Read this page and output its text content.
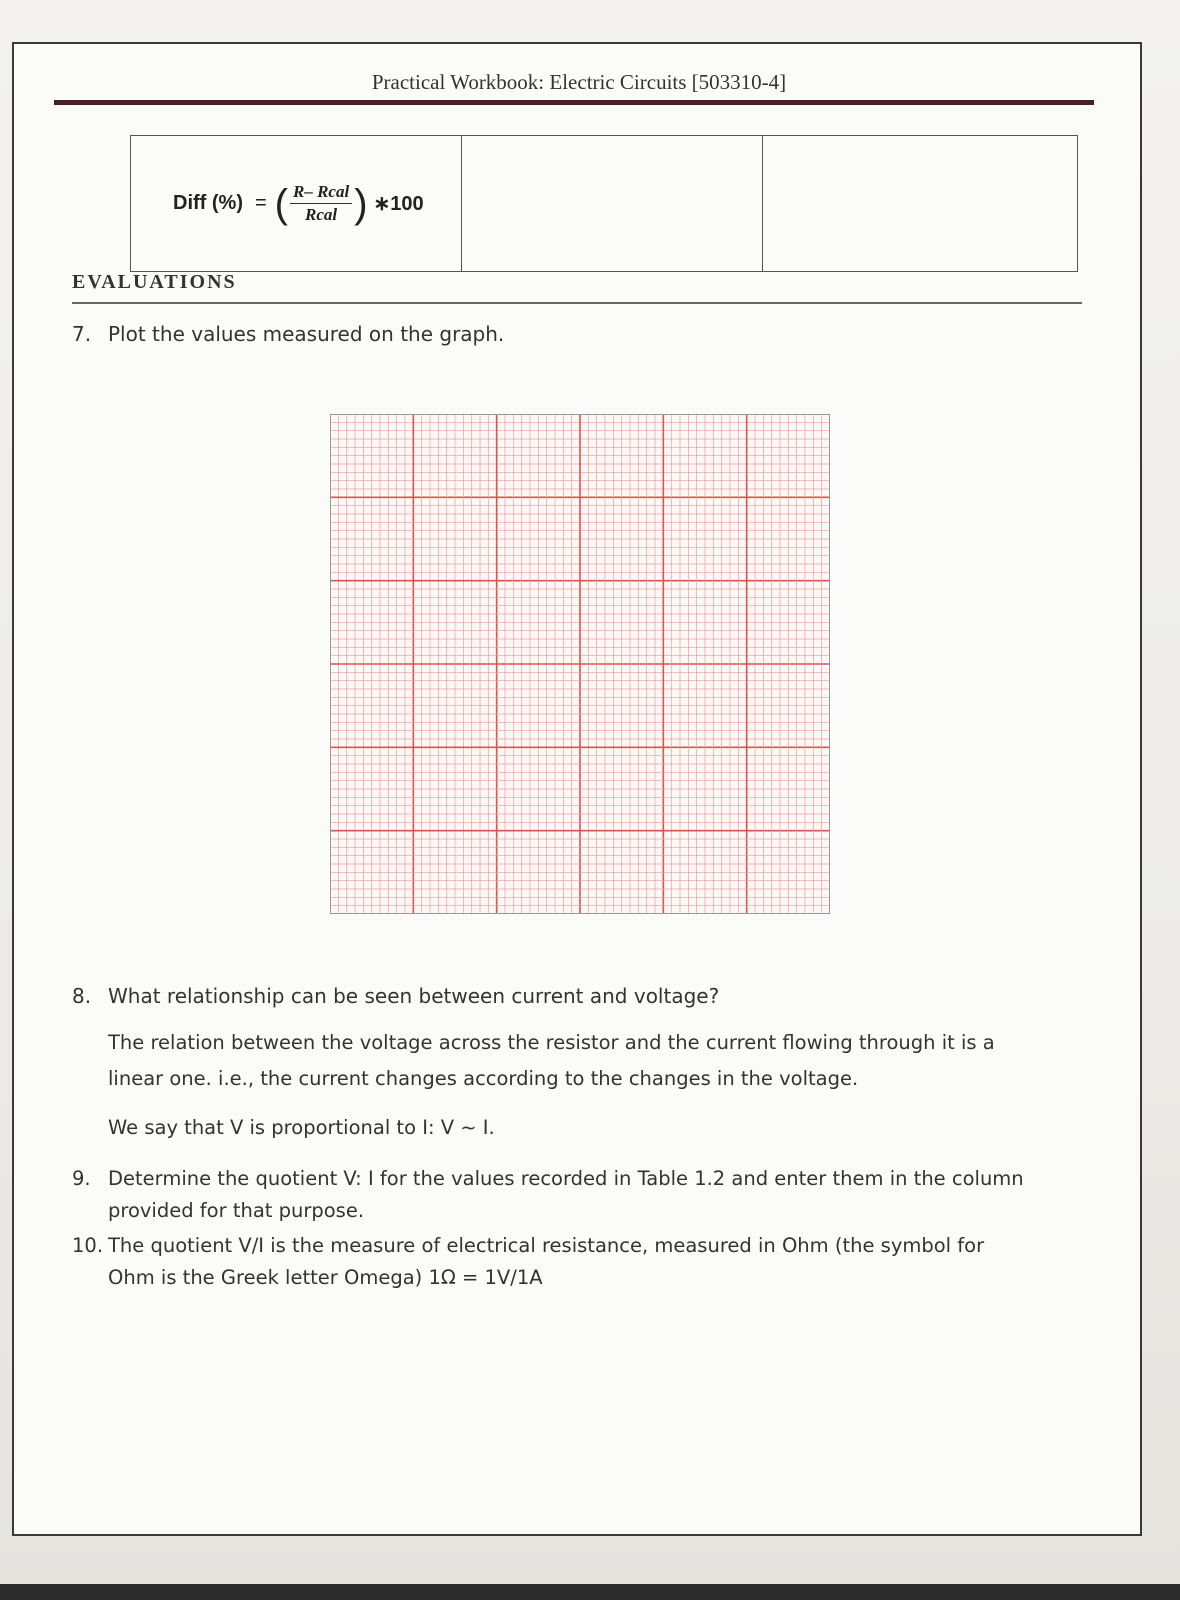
Practical Workbook: Electric Circuits [503310-4]
Diff (%) = ( $\frac{\text{R– Rcal}}{\text{Rcal}}$ ) ∗100

EVALUATIONS
7. Plot the values measured on the graph.
8. What relationship can be seen between current and voltage?
The relation between the voltage across the resistor and the current flowing through it is a
linear one. i.e., the current changes according to the changes in the voltage.
We say that V is proportional to I: V ~ I.
9. Determine the quotient V: I for the values recorded in Table 1.2 and enter them in the column
provided for that purpose.
10. The quotient V/I is the measure of electrical resistance, measured in Ohm (the symbol for
Ohm is the Greek letter Omega) 1Ω = 1V/1A
